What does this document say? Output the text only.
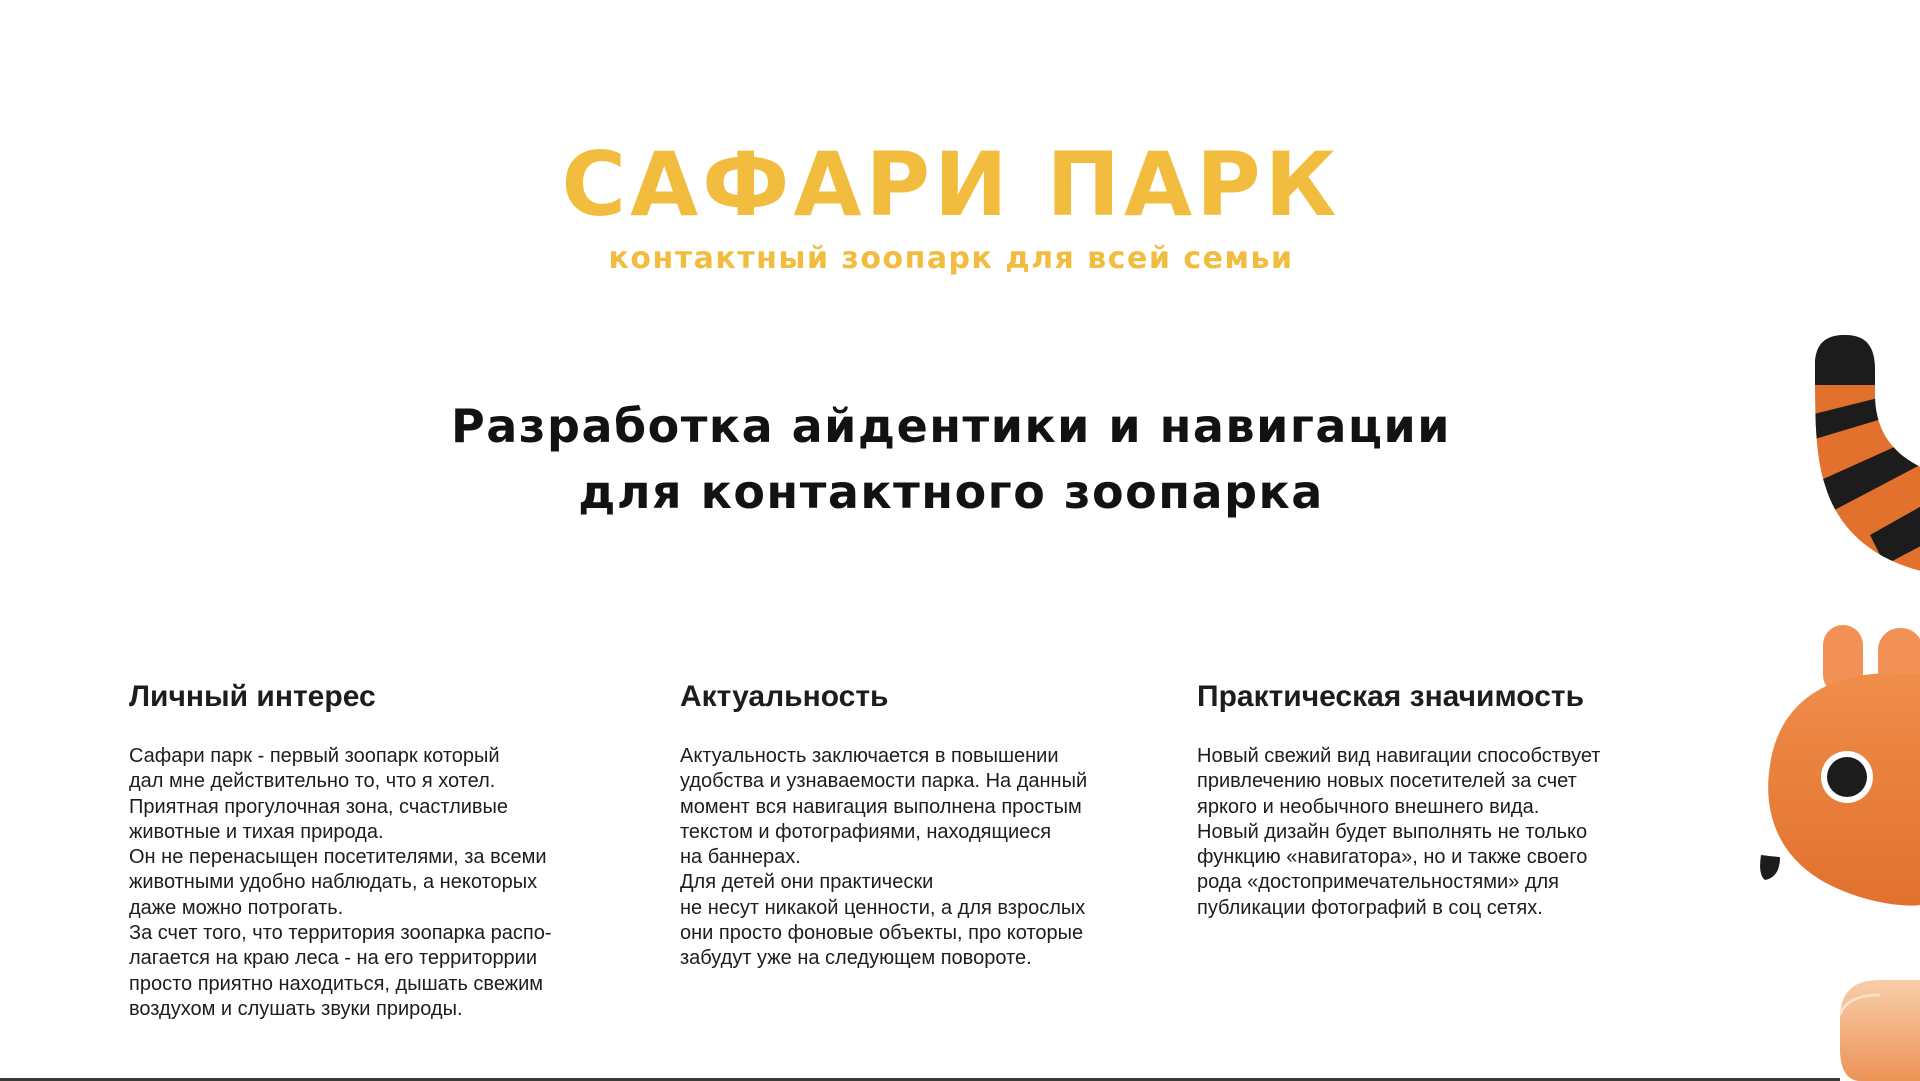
САФАРИ ПАРК
контактный зоопарк для всей семьи
Разработка айдентики и навигации
для контактного зоопарка
Личный интерес

Сафари парк - первый зоопарк который
дал мне действительно то, что я хотел.
Приятная прогулочная зона, счастливые
животные и тихая природа.
Он не перенасыщен посетителями, за всеми
животными удобно наблюдать, а некоторых
даже можно потрогать.
За счет того, что территория зоопарка распо-
лагается на краю леса - на его территоррии
просто приятно находиться, дышать свежим
воздухом и слушать звуки природы.

Актуальность

Актуальность заключается в повышении
удобства и узнаваемости парка. На данный
момент вся навигация выполнена простым
текстом и фотографиями, находящиеся
на баннерах.
Для детей они практически
не несут никакой ценности, а для взрослых
они просто фоновые объекты, про которые
забудут уже на следующем повороте.

Практическая значимость

Новый свежий вид навигации способствует
привлечению новых посетителей за счет
яркого и необычного внешнего вида.
Новый дизайн будет выполнять не только
функцию «навигатора», но и также своего
рода «достопримечательностями» для
публикации фотографий в соц сетях.
